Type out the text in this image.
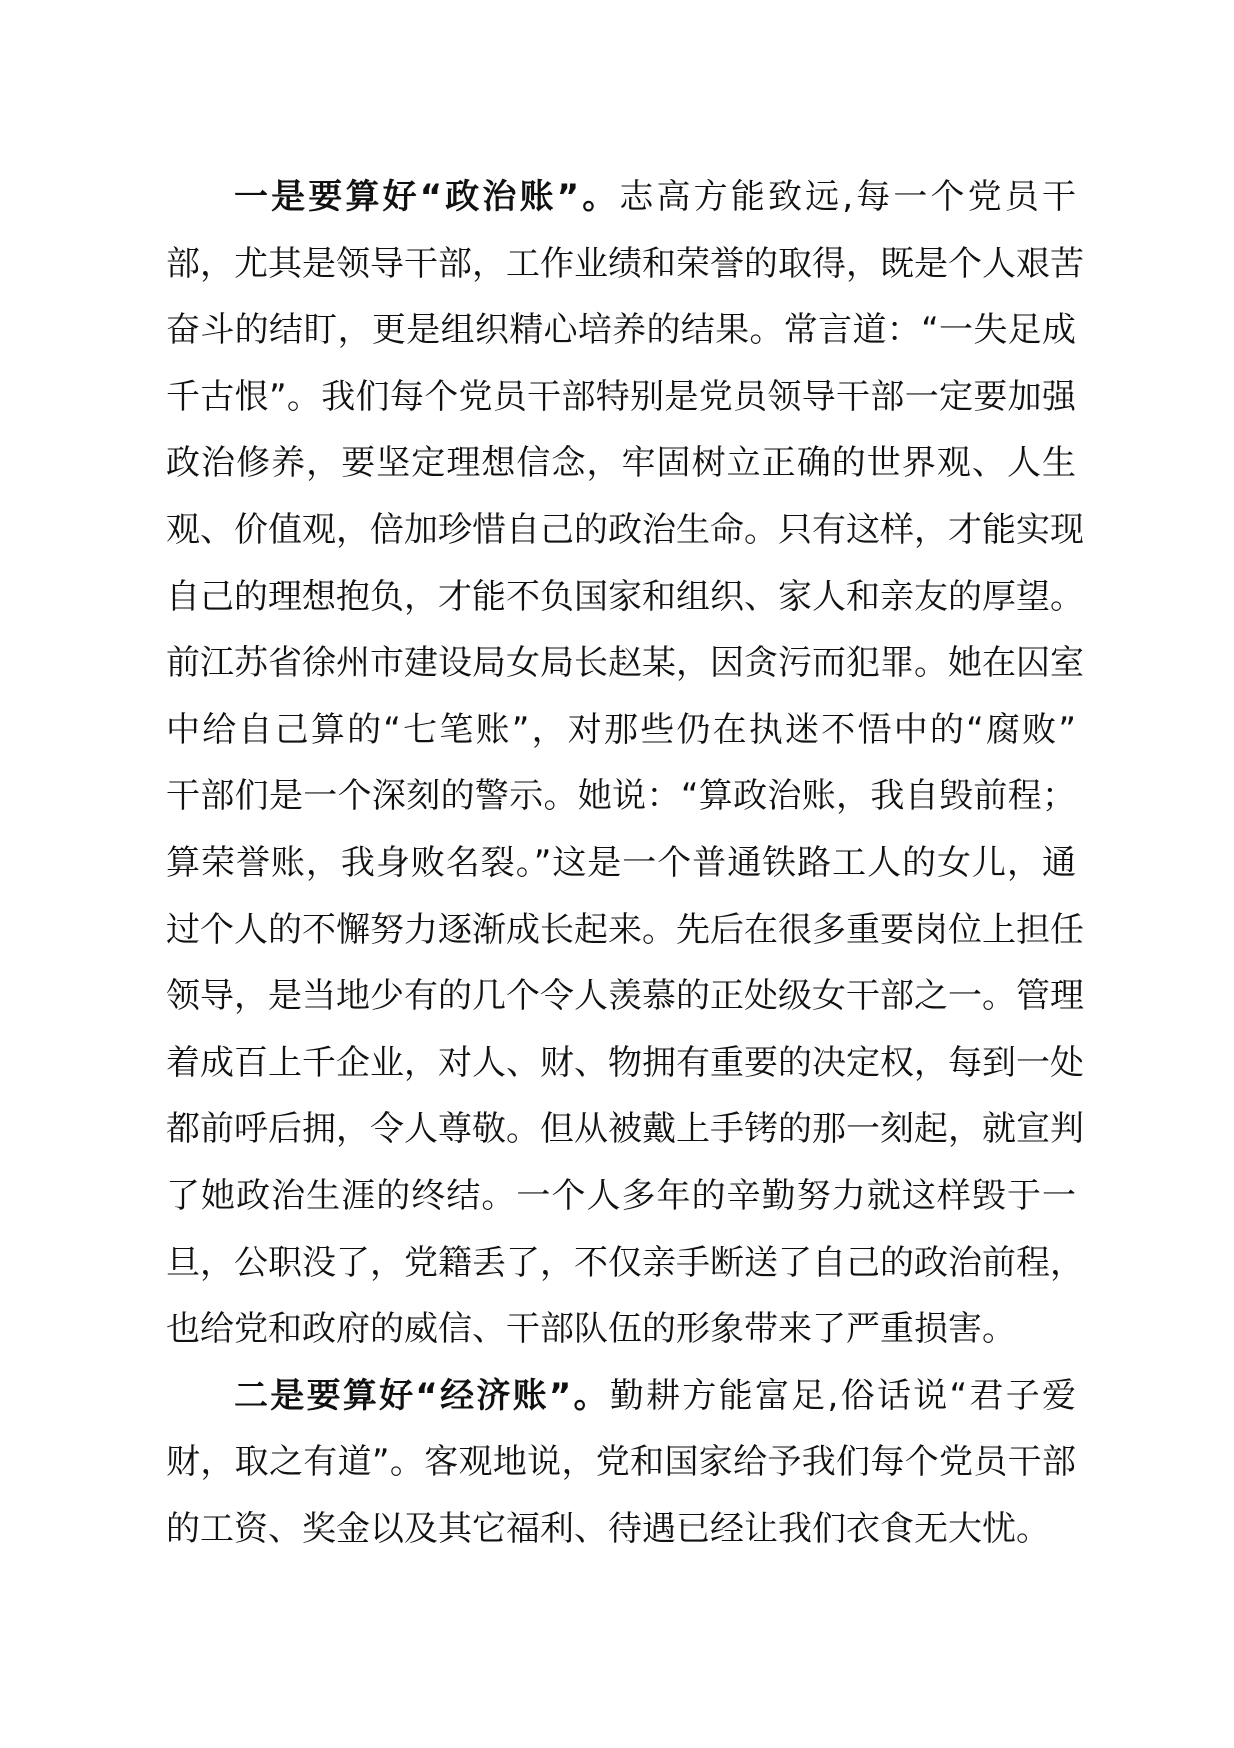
一是要算好“政治账”。志高方能致远,每一个党员干
部，尤其是领导干部，工作业绩和荣誉的取得，既是个人艰苦
奋斗的结盯，更是组织精心培养的结果。常言道：“一失足成
千古恨”。我们每个党员干部特别是党员领导干部一定要加强
政治修养，要坚定理想信念，牢固树立正确的世界观、人生
观、价值观，倍加珍惜自己的政治生命。只有这样，才能实现
自己的理想抱负，才能不负国家和组织、家人和亲友的厚望。
前江苏省徐州市建设局女局长赵某，因贪污而犯罪。她在囚室
中给自己算的“七笔账”，对那些仍在执迷不悟中的“腐败”
干部们是一个深刻的警示。她说：“算政治账，我自毁前程；
算荣誉账，我身败名裂。”这是一个普通铁路工人的女儿，通
过个人的不懈努力逐渐成长起来。先后在很多重要岗位上担任
领导，是当地少有的几个令人羡慕的正处级女干部之一。管理
着成百上千企业，对人、财、物拥有重要的决定权，每到一处
都前呼后拥，令人尊敬。但从被戴上手铐的那一刻起，就宣判
了她政治生涯的终结。一个人多年的辛勤努力就这样毁于一
旦，公职没了，党籍丢了，不仅亲手断送了自己的政治前程，
也给党和政府的威信、干部队伍的形象带来了严重损害。
二是要算好“经济账”。勤耕方能富足,俗话说“君子爱
财，取之有道”。客观地说，党和国家给予我们每个党员干部
的工资、奖金以及其它福利、待遇已经让我们衣食无大忧。
